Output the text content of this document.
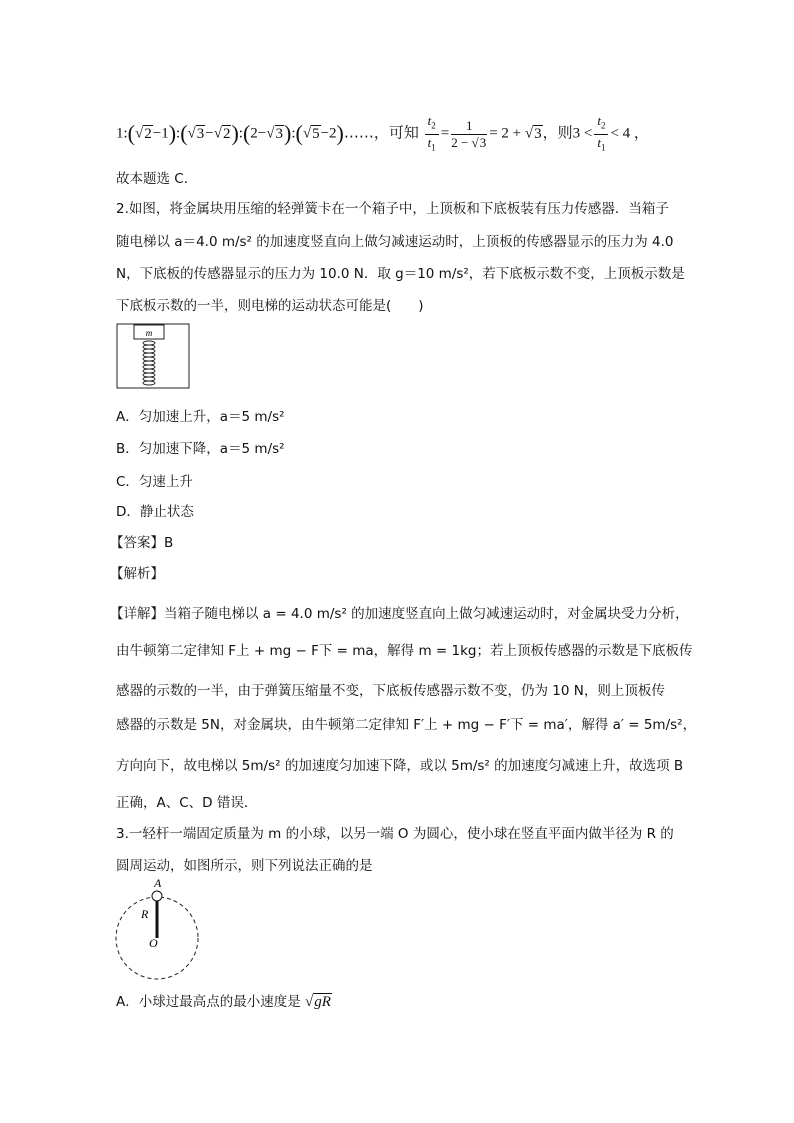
1:(√2−1):(√3−√2):(2−√3):(√5−2)……，可知 $\frac{t_2}{t_1} = \frac{1}{2 - √3} = 2 + √3$，则$3 < \frac{t_2}{t_1} < 4$ ，
故本题选 C．
2.如图，将金属块用压缩的轻弹簧卡在一个箱子中，上顶板和下底板装有压力传感器．当箱子
随电梯以 a＝4.0 m/s² 的加速度竖直向上做匀减速运动时，上顶板的传感器显示的压力为 4.0
N，下底板的传感器显示的压力为 10.0 N．取 g＝10 m/s²，若下底板示数不变，上顶板示数是
下底板示数的一半，则电梯的运动状态可能是(　　)
m
A．匀加速上升，a＝5 m/s²
B．匀加速下降，a＝5 m/s²
C．匀速上升
D．静止状态
【答案】B
【解析】
【详解】当箱子随电梯以 a = 4.0 m/s² 的加速度竖直向上做匀减速运动时，对金属块受力分析，
由牛顿第二定律知 F上 + mg − F下 = ma，解得 m = 1kg；若上顶板传感器的示数是下底板传
感器的示数的一半，由于弹簧压缩量不变，下底板传感器示数不变，仍为 10 N，则上顶板传
感器的示数是 5N，对金属块，由牛顿第二定律知 F′上 + mg − F′下 = ma′，解得 a′ = 5m/s²，
方向向下，故电梯以 5m/s² 的加速度匀加速下降，或以 5m/s² 的加速度匀减速上升，故选项 B
正确，A、C、D 错误．
3.一轻杆一端固定质量为 m 的小球，以另一端 O 为圆心，使小球在竖直平面内做半径为 R 的
圆周运动，如图所示，则下列说法正确的是
A
R
O
A．小球过最高点的最小速度是 √gR
